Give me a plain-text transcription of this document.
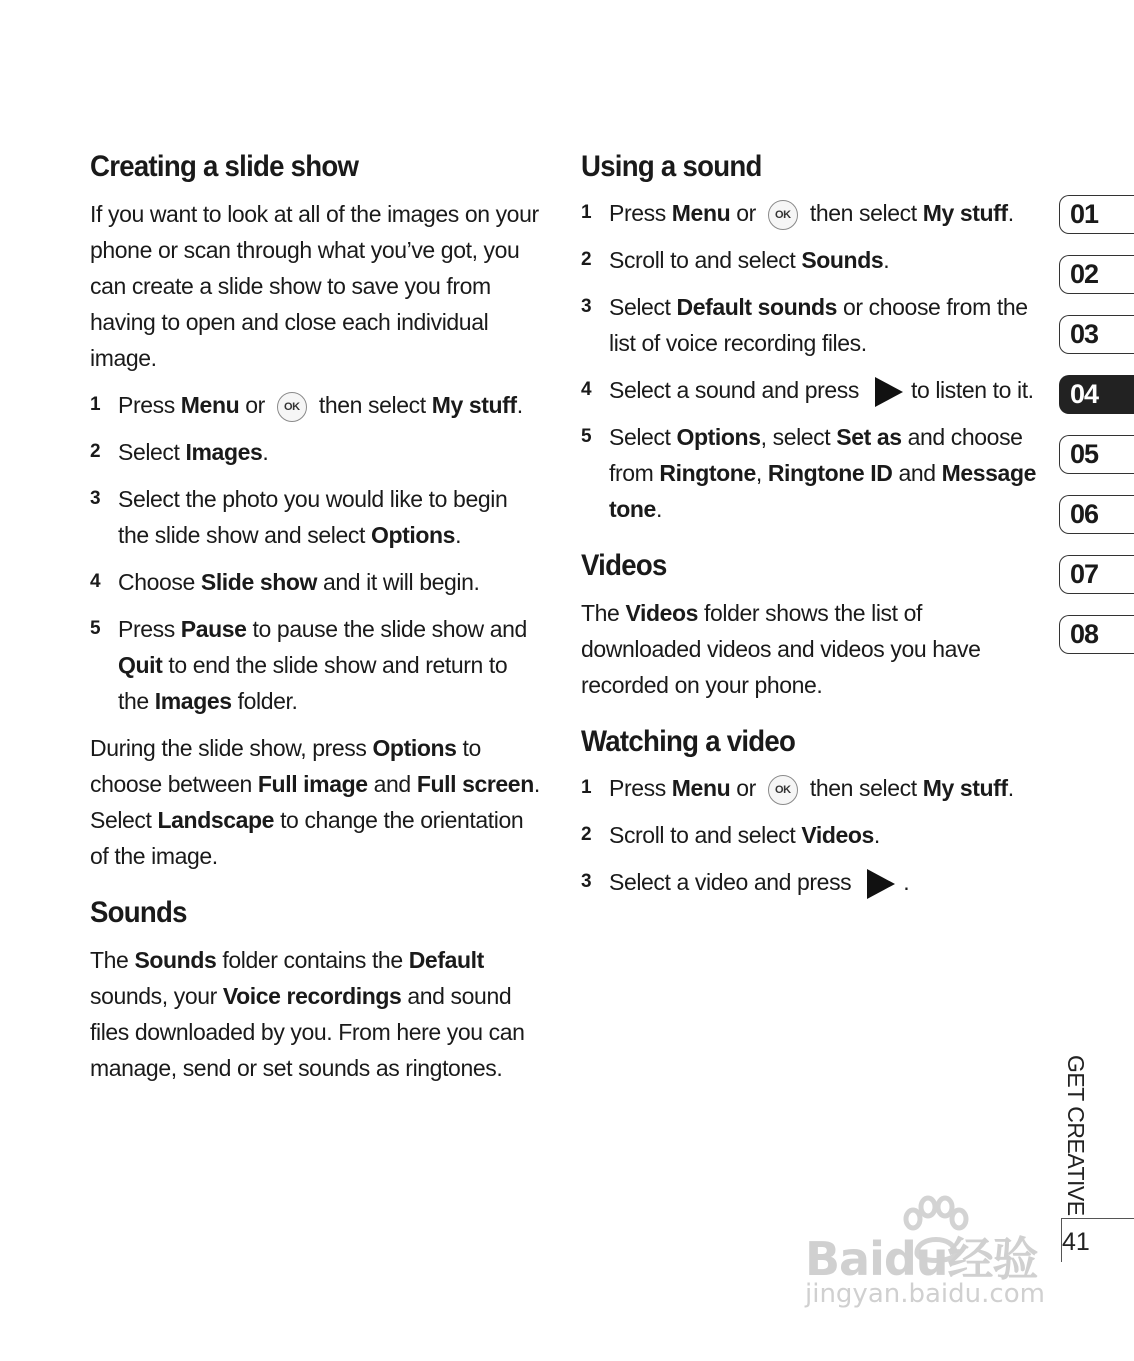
Creating a slide show

If you want to look at all of the images on your phone or scan through what you’ve got, you can create a slide show to save you from having to open and close each individual image.

1 Press Menu or OK then select My stuff.
2 Select Images.
3 Select the photo you would like to begin the slide show and select Options.
4 Choose Slide show and it will begin.
5 Press Pause to pause the slide show and Quit to end the slide show and return to the Images folder.

During the slide show, press Options to choose between Full image and Full screen. Select Landscape to change the orientation of the image.

Sounds

The Sounds folder contains the Default sounds, your Voice recordings and sound files downloaded by you. From here you can manage, send or set sounds as ringtones.

Using a sound
1 Press Menu or OK then select My stuff.
2 Scroll to and select Sounds.
3 Select Default sounds or choose from the list of voice recording files.
4 Select a sound and press to listen to it.
5 Select Options, select Set as and choose from Ringtone, Ringtone ID and Message tone.
Videos

The Videos folder shows the list of downloaded videos and videos you have recorded on your phone.

Watching a video
1 Press Menu or OK then select My stuff.
2 Scroll to and select Videos.
3 Select a video and press .
01
02
03
04
05
06
07
08
GET CREATIVE
41
Baidu经验
jingyan.baidu.com
